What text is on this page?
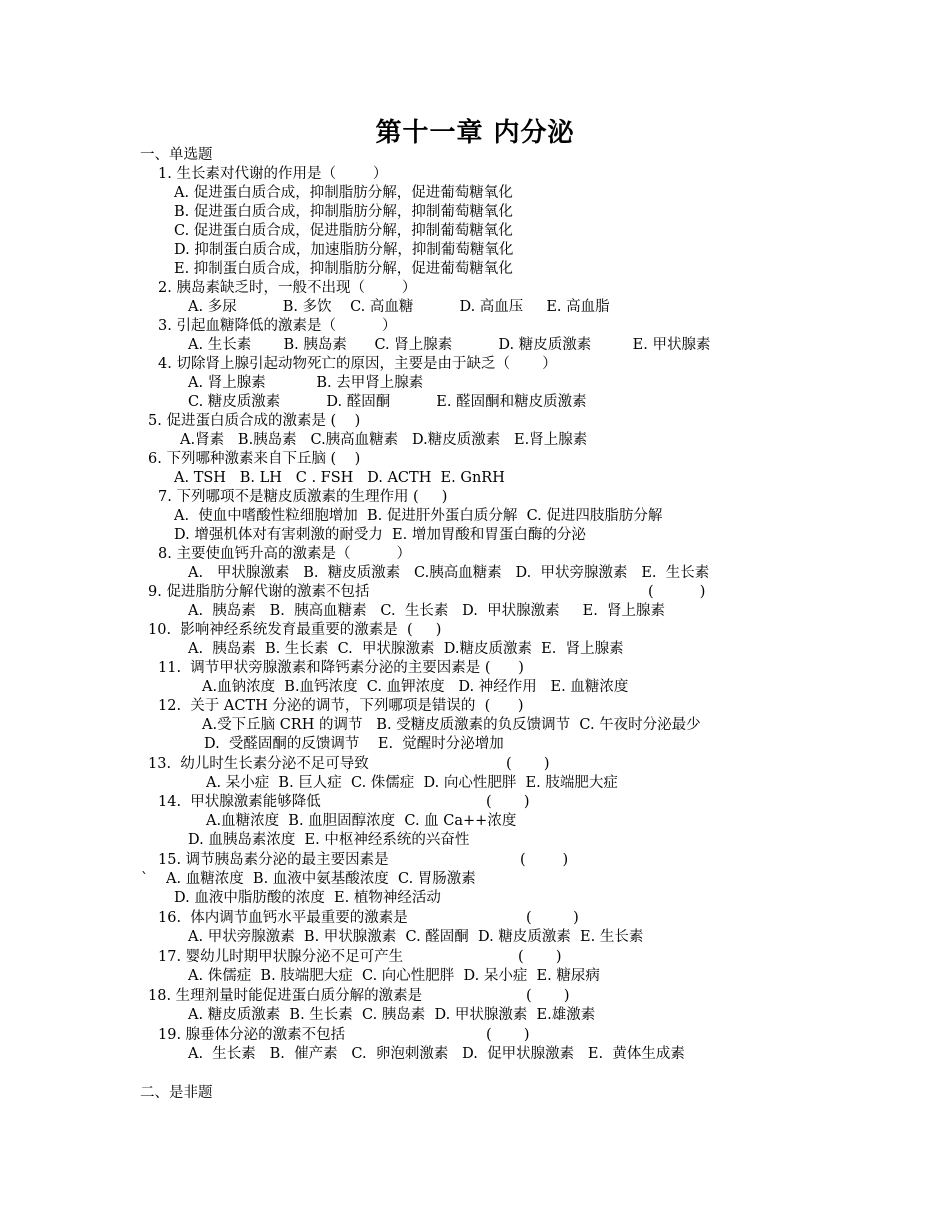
第十一章 内分泌
一、单选题
1. 生长素对代谢的作用是（        ）
A. 促进蛋白质合成，抑制脂肪分解，促进葡萄糖氧化
B. 促进蛋白质合成，抑制脂肪分解，抑制葡萄糖氧化
C. 促进蛋白质合成，促进脂肪分解，抑制葡萄糖氧化
D. 抑制蛋白质合成，加速脂肪分解，抑制葡萄糖氧化
E. 抑制蛋白质合成，抑制脂肪分解，促进葡萄糖氧化
2. 胰岛素缺乏时，一般不出现（        ）
A. 多尿          B. 多饮    C. 高血糖          D. 高血压     E. 高血脂
3. 引起血糖降低的激素是（          ）
A. 生长素       B. 胰岛素      C. 肾上腺素          D. 糖皮质激素         E. 甲状腺素
4. 切除肾上腺引起动物死亡的原因，主要是由于缺乏（       ）
A. 肾上腺素           B. 去甲肾上腺素
C. 糖皮质激素          D. 醛固酮          E. 醛固酮和糖皮质激素
5. 促进蛋白质合成的激素是 (    )
A.肾素   B.胰岛素   C.胰高血糖素   D.糖皮质激素   E.肾上腺素
6. 下列哪种激素来自下丘脑 (    )
A. TSH   B. LH   C . FSH   D. ACTH  E. GnRH
7. 下列哪项不是糖皮质激素的生理作用 (     )
A.  使血中嗜酸性粒细胞增加  B. 促进肝外蛋白质分解  C. 促进四肢脂肪分解
D. 增强机体对有害刺激的耐受力  E. 增加胃酸和胃蛋白酶的分泌
8. 主要使血钙升高的激素是（          ）
A.   甲状腺激素   B.  糖皮质激素   C.胰高血糖素   D.  甲状旁腺激素   E.  生长素
9. 促进脂肪分解代谢的激素不包括	(          )
A.  胰岛素   B.  胰高血糖素   C.  生长素   D.  甲状腺激素     E.  肾上腺素
10.  影响神经系统发育最重要的激素是  (     )
A.  胰岛素  B. 生长素  C.  甲状腺激素  D.糖皮质激素  E.  肾上腺素
11.  调节甲状旁腺激素和降钙素分泌的主要因素是 (      )
A.血钠浓度  B.血钙浓度  C. 血钾浓度   D. 神经作用   E. 血糖浓度
12.  关于 ACTH 分泌的调节，下列哪项是错误的  (      )
A.受下丘脑 CRH 的调节   B. 受糖皮质激素的负反馈调节  C. 午夜时分泌最少
D.  受醛固酮的反馈调节    E.  觉醒时分泌增加
13.  幼儿时生长素分泌不足可导致	(       )
A. 呆小症  B. 巨人症  C. 侏儒症  D. 向心性肥胖  E. 肢端肥大症
14.  甲状腺激素能够降低	(       )
A.血糖浓度  B. 血胆固醇浓度  C. 血 Ca++浓度
D. 血胰岛素浓度  E. 中枢神经系统的兴奋性
15. 调节胰岛素分泌的最主要因素是	(        )
` A. 血糖浓度  B. 血液中氨基酸浓度  C. 胃肠激素
D. 血液中脂肪酸的浓度  E. 植物神经活动
16.  体内调节血钙水平最重要的激素是	(         )
A. 甲状旁腺激素  B. 甲状腺激素  C. 醛固酮  D. 糖皮质激素  E. 生长素
17. 婴幼儿时期甲状腺分泌不足可产生	(       )
A. 侏儒症  B. 肢端肥大症  C. 向心性肥胖  D. 呆小症  E. 糖尿病
18. 生理剂量时能促进蛋白质分解的激素是	(       )
A. 糖皮质激素  B. 生长素  C. 胰岛素  D. 甲状腺激素  E.雄激素
19. 腺垂体分泌的激素不包括	(       )
A.  生长素   B.  催产素   C.  卵泡刺激素   D.  促甲状腺激素   E.  黄体生成素
二、是非题
